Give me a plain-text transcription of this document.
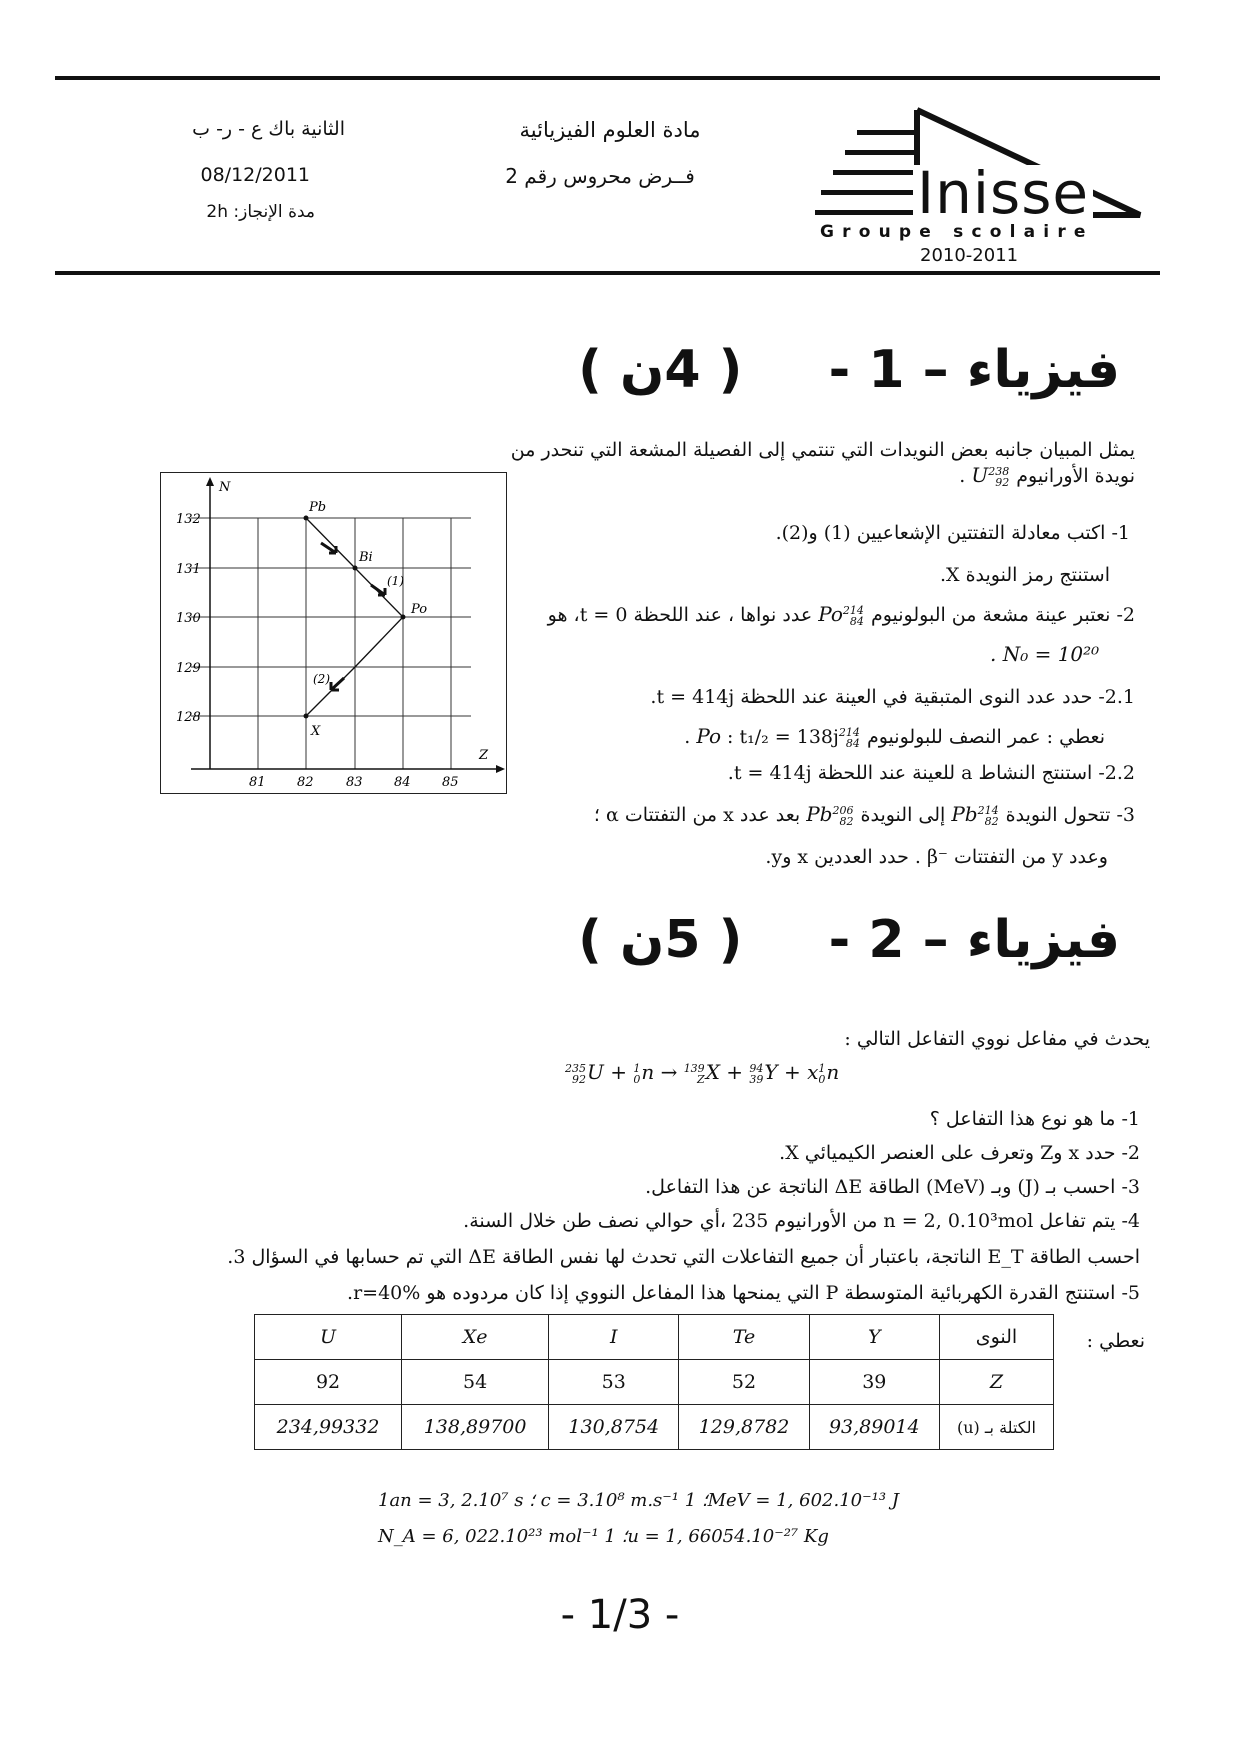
الثانية باك ع - ر- ب
08/12/2011
مدة الإنجاز: 2h
مادة العلوم الفيزيائية
فــرض محروس رقم 2	Inisse
Groupe scolaire
2010-2011
فيزياء – 1 -  ( 4ن )
يمثل المبيان جانبه بعض النويدات التي تنتمي إلى الفصيلة المشعة التي تنحدر من نويدة الأورانيوم
238
92
U .
1- اكتب معادلة التفتتين الإشعاعيين (1) و(2).
استنتج رمز النويدة X.
2- نعتبر عينة مشعة من البولونيوم
214
84
Po عدد نواها ، عند اللحظة t = 0، هو
. N₀ = 10²⁰
2.1- حدد عدد النوى المتبقية في العينة عند اللحظة t = 414j.
نعطي : عمر النصف للبولونيوم
214
84
Po : t₁/₂ = 138j .
2.2- استنتج النشاط a للعينة عند اللحظة t = 414j.
3- تتحول النويدة
214
82
Pb إلى النويدة
206
82
Pb بعد عدد x من التفتتات α ؛
وعدد y من التفتتات ⁻β . حدد العددين x وy.
N
Z
132
131
130
129
128
81 82 83 84 85
Pb
Bi
Po
X
(1)
(2)
فيزياء – 2 -  ( 5ن )
يحدث في مفاعل نووي التفاعل التالي :
235
92 U + 1
0 n → 139
Z X + 94
39 Y + x 1
0 n
1- ما هو نوع هذا التفاعل ؟
2- حدد x وZ وتعرف على العنصر الكيميائي X.
3- احسب بـ (J) وبـ (MeV) الطاقة ΔE الناتجة عن هذا التفاعل.
4- يتم تفاعل n = 2, 0.10³mol من الأورانيوم 235 ،أي حوالي نصف طن خلال السنة.
احسب الطاقة E_T الناتجة، باعتبار أن جميع التفاعلات التي تحدث لها نفس الطاقة ΔE التي تم حسابها في السؤال 3.
5- استنتج القدرة الكهربائية المتوسطة P التي يمنحها هذا المفاعل النووي إذا كان مردوده هو r=40%.
نعطي :
U	Xe	I	Te	Y	النوى
92	54	53	52	39	Z
234,99332	138,89700	130,8754	129,8782	93,89014	الكتلة بـ (u)
1an = 3, 2.10⁷ s ؛ c = 3.10⁸ m.s⁻¹ ؛ 1MeV = 1, 602.10⁻¹³ J
N_A = 6, 022.10²³ mol⁻¹ ؛ 1u = 1, 66054.10⁻²⁷ Kg
- 1/3 -
